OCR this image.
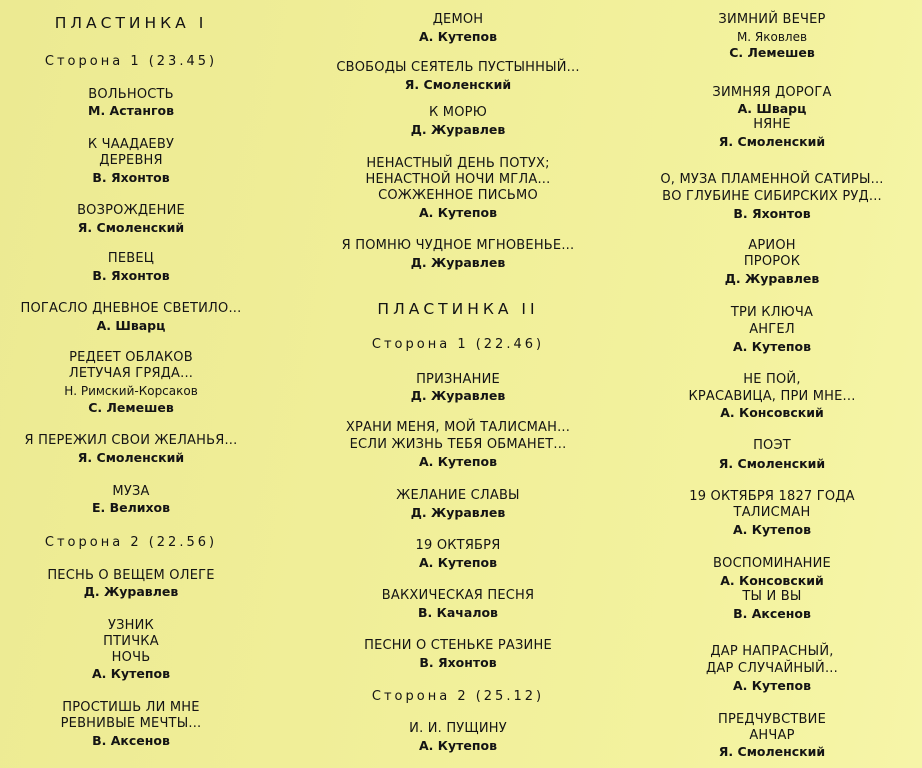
ПЛАСТИНКА I
Сторона 1 (23.45)
ВОЛЬНОСТЬ
М. Астангов
К ЧААДАЕВУ
ДЕРЕВНЯ
В. Яхонтов
ВОЗРОЖДЕНИЕ
Я. Смоленский
ПЕВЕЦ
В. Яхонтов
ПОГАСЛО ДНЕВНОЕ СВЕТИЛО...
А. Шварц
РЕДЕЕТ ОБЛАКОВ
ЛЕТУЧАЯ ГРЯДА...
Н. Римский-Корсаков
С. Лемешев
Я ПЕРЕЖИЛ СВОИ ЖЕЛАНЬЯ...
Я. Смоленский
МУЗА
Е. Велихов
Сторона 2 (22.56)
ПЕСНЬ О ВЕЩЕМ ОЛЕГЕ
Д. Журавлев
УЗНИК
ПТИЧКА
НОЧЬ
А. Кутепов
ПРОСТИШЬ ЛИ МНЕ
РЕВНИВЫЕ МЕЧТЫ...
В. Аксенов
ДЕМОН
А. Кутепов
СВОБОДЫ СЕЯТЕЛЬ ПУСТЫННЫЙ...
Я. Смоленский
К МОРЮ
Д. Журавлев
НЕНАСТНЫЙ ДЕНЬ ПОТУХ;
НЕНАСТНОЙ НОЧИ МГЛА...
СОЖЖЕННОЕ ПИСЬМО
А. Кутепов
Я ПОМНЮ ЧУДНОЕ МГНОВЕНЬЕ...
Д. Журавлев
ПЛАСТИНКА II
Сторона 1 (22.46)
ПРИЗНАНИЕ
Д. Журавлев
ХРАНИ МЕНЯ, МОЙ ТАЛИСМАН...
ЕСЛИ ЖИЗНЬ ТЕБЯ ОБМАНЕТ...
А. Кутепов
ЖЕЛАНИЕ СЛАВЫ
Д. Журавлев
19 ОКТЯБРЯ
А. Кутепов
ВАКХИЧЕСКАЯ ПЕСНЯ
В. Качалов
ПЕСНИ О СТЕНЬКЕ РАЗИНЕ
В. Яхонтов
Сторона 2 (25.12)
И. И. ПУЩИНУ
А. Кутепов
ЗИМНИЙ ВЕЧЕР
М. Яковлев
С. Лемешев
ЗИМНЯЯ ДОРОГА
А. Шварц
НЯНЕ
Я. Смоленский
О, МУЗА ПЛАМЕННОЙ САТИРЫ...
ВО ГЛУБИНЕ СИБИРСКИХ РУД...
В. Яхонтов
АРИОН
ПРОРОК
Д. Журавлев
ТРИ КЛЮЧА
АНГЕЛ
А. Кутепов
НЕ ПОЙ,
КРАСАВИЦА, ПРИ МНЕ...
А. Консовский
ПОЭТ
Я. Смоленский
19 ОКТЯБРЯ 1827 ГОДА
ТАЛИСМАН
А. Кутепов
ВОСПОМИНАНИЕ
А. Консовский
ТЫ И ВЫ
В. Аксенов
ДАР НАПРАСНЫЙ,
ДАР СЛУЧАЙНЫЙ...
А. Кутепов
ПРЕДЧУВСТВИЕ
АНЧАР
Я. Смоленский
